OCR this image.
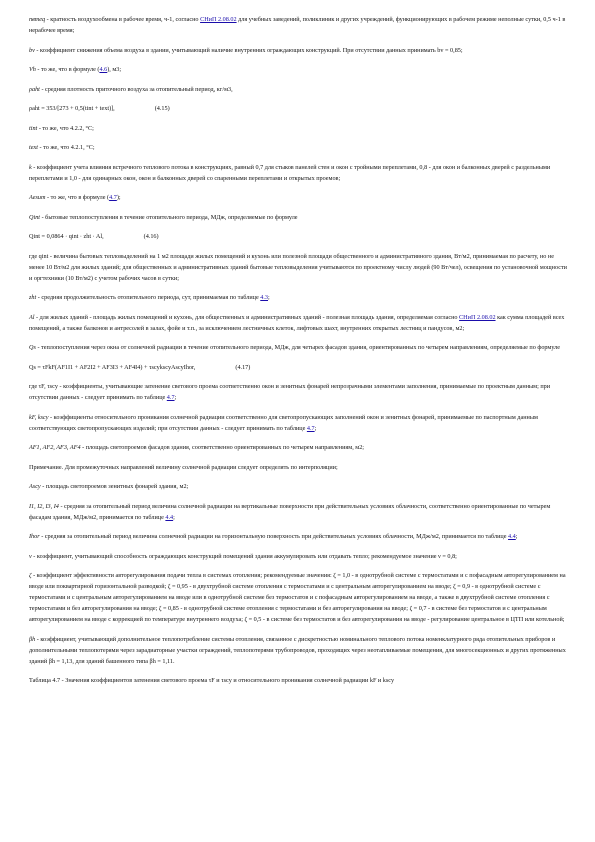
nвтеq - кратность воздухообмена в рабочее время, ч-1, согласно СНиП 2.08.02 для учебных заведений, поликлиник и других учреждений, функционирующих в рабочем режиме неполные сутки, 0,5 ч-1 в нерабочее время;
bv - коэффициент снижения объема воздуха в здании, учитывающий наличие внутренних ограждающих конструкций. При отсутствии данных принимать bv = 0,85;
Vh - то же, что в формуле (4.6), м3;
ρаht - средняя плотность приточного воздуха за отопительный период, кг/м3,
ρаht = 353/[273 + 0,5(tint + text)],	(4.15)
tint - то же, что 4.2.2, °C;
text - то же, что 4.2.1, °C;
k - коэффициент учета влияния встречного теплового потока в конструкциях, равный 0,7 для стыков панелей стен и окон с тройными переплетами, 0,8 - для окон и балконных дверей с раздельными переплетами и 1,0 - для одинарных окон, окон и балконных дверей со спаренными переплетами и открытых проемов;
Aesum - то же, что в формуле (4.7);
Qint - бытовые теплопоступления в течение отопительного периода, МДж, определяемые по формуле
Qint = 0,0864 · qint · zht · Al,	(4.16)
где qint - величина бытовых тепловыделений на 1 м2 площади жилых помещений и кухонь или полезной площади общественного и административного здания, Вт/м2, принимаемая по расчету, но не менее 10 Вт/м2 для жилых зданий; для общественных и административных зданий бытовые тепловыделения учитываются по проектному числу людей (90 Вт/чел), освещения по установочной мощности и оргтехники (10 Вт/м2) с учетом рабочих часов в сутки;
zht - средняя продолжительность отопительного периода, сут, принимаемая по таблице 4.3;
Al - для жилых зданий - площадь жилых помещений и кухонь, для общественных и административных зданий - полезная площадь здания, определяемая согласно СНиП 2.08.02 как сумма площадей всех помещений, а также балконов и антресолей в залах, фойе и т.п., за исключением лестничных клеток, лифтовых шахт, внутренних открытых лестниц и пандусов, м2;
Qs - теплопоступления через окна от солнечной радиации в течение отопительного периода, МДж, для четырех фасадов здания, ориентированных по четырем направлениям, определяемые по формуле
Qs = τFkF(AF1I1 + AF2I2 + AF3I3 + AF4I4) + τscykscyAscyIhor,	(4.17)
где τF, τscy - коэффициенты, учитывающие затенение светового проема соответственно окон и зенитных фонарей непрозрачными элементами заполнения, принимаемые по проектным данным; при отсутствии данных - следует принимать по таблице 4.7;
kF, kscy - коэффициенты относительного проникания солнечной радиации соответственно для светопропускающих заполнений окон и зенитных фонарей, принимаемые по паспортным данным соответствующих светопропускающих изделий; при отсутствии данных - следует принимать по таблице 4.7;
AF1, AF2, AF3, AF4 - площадь светопроемов фасадов здания, соответственно ориентированных по четырем направлениям, м2;
Примечание. Для промежуточных направлений величину солнечной радиации следует определять по интерполяции;
Ascy - площадь светопроемов зенитных фонарей здания, м2;
I1, I2, I3, I4 - средняя за отопительный период величина солнечной радиации на вертикальные поверхности при действительных условиях облачности, соответственно ориентированные по четырем фасадам здания, МДж/м2, принимается по таблице 4.4;
Ihor - средняя за отопительный период величина солнечной радиации на горизонтальную поверхность при действительных условиях облачности, МДж/м2, принимается по таблице 4.4;
ν - коэффициент, учитывающий способность ограждающих конструкций помещений здания аккумулировать или отдавать тепло; рекомендуемое значение ν = 0,8;
ζ - коэффициент эффективности авторегулирования подачи тепла в системах отопления; рекомендуемые значения: ζ = 1,0 - в однотрубной системе с термостатами и с пофасадным авторегулированием на вводе или поквартирной горизонтальной разводкой; ζ = 0,95 - в двухтрубной системе отопления с термостатами и с центральным авторегулированием на вводе; ζ = 0,9 - в однотрубной системе с термостатами и с центральным авторегулированием на вводе или в однотрубной системе без термостатов и с пофасадным авторегулированием на вводе, а также в двухтрубной системе отопления с термостатами и без авторегулирования на вводе; ζ = 0,85 - в однотрубной системе отопления с термостатами и без авторегулирования на вводе; ζ = 0,7 - в системе без термостатов и с центральным авторегулированием на вводе с коррекцией по температуре внутреннего воздуха; ζ = 0,5 - в системе без термостатов и без авторегулирования на вводе - регулирование центральное в ЦТП или котельной;
βh - коэффициент, учитывающий дополнительное теплопотребление системы отопления, связанное с дискретностью номинального теплового потока номенклатурного ряда отопительных приборов и дополнительными теплопотерями через зарадиаторные участки ограждений, теплопотерями трубопроводов, проходящих через неотапливаемые помещения, для многосекционных и других протяженных зданий βh = 1,13, для зданий башенного типа βh = 1,11.
Таблица 4.7 - Значения коэффициентов затенения светового проема τF и τscy и относительного проникания солнечной радиации kF и kscy
